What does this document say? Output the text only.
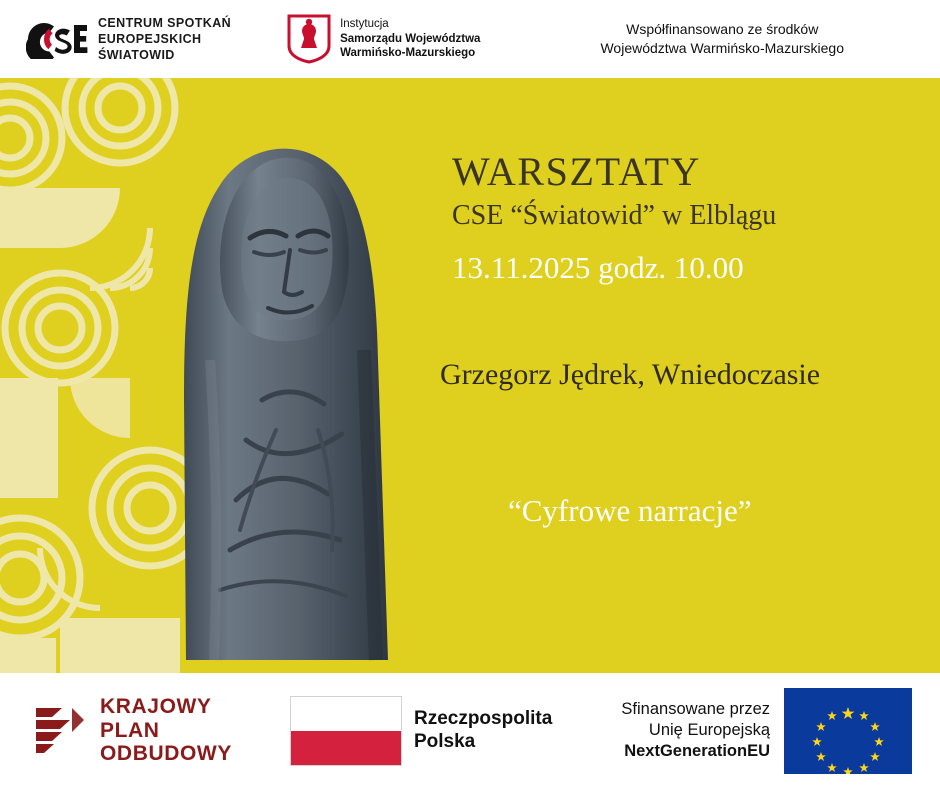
CENTRUM SPOTKAŃ
EUROPEJSKICH
ŚWIATOWID
Instytucja
Samorządu Województwa
Warmińsko-Mazurskiego
Współfinansowano ze środków
Województwa Warmińsko-Mazurskiego
WARSZTATY
CSE “Światowid” w Elblągu
13.11.2025 godz. 10.00
Grzegorz Jędrek, Wniedoczasie
“Cyfrowe narracje”
KRAJOWY
PLAN
ODBUDOWY
Rzeczpospolita
Polska
Sfinansowane przez
Unię Europejską
NextGenerationEU
